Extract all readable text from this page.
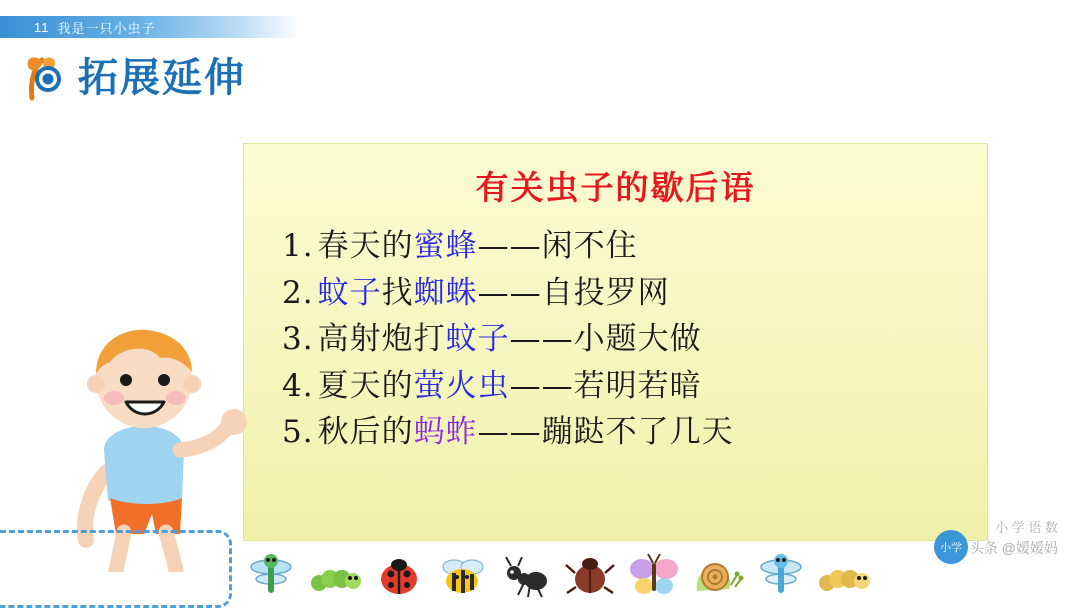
11 我是一只小虫子
拓展延伸
有关虫子的歇后语
1. 春天的蜜蜂——闲不住
2. 蚊子找蜘蛛——自投罗网
3. 高射炮打蚊子——小题大做
4. 夏天的萤火虫——若明若暗
5. 秋后的蚂蚱——蹦跶不了几天
小学
小 学 语 数
头条 @嫒嫒妈
